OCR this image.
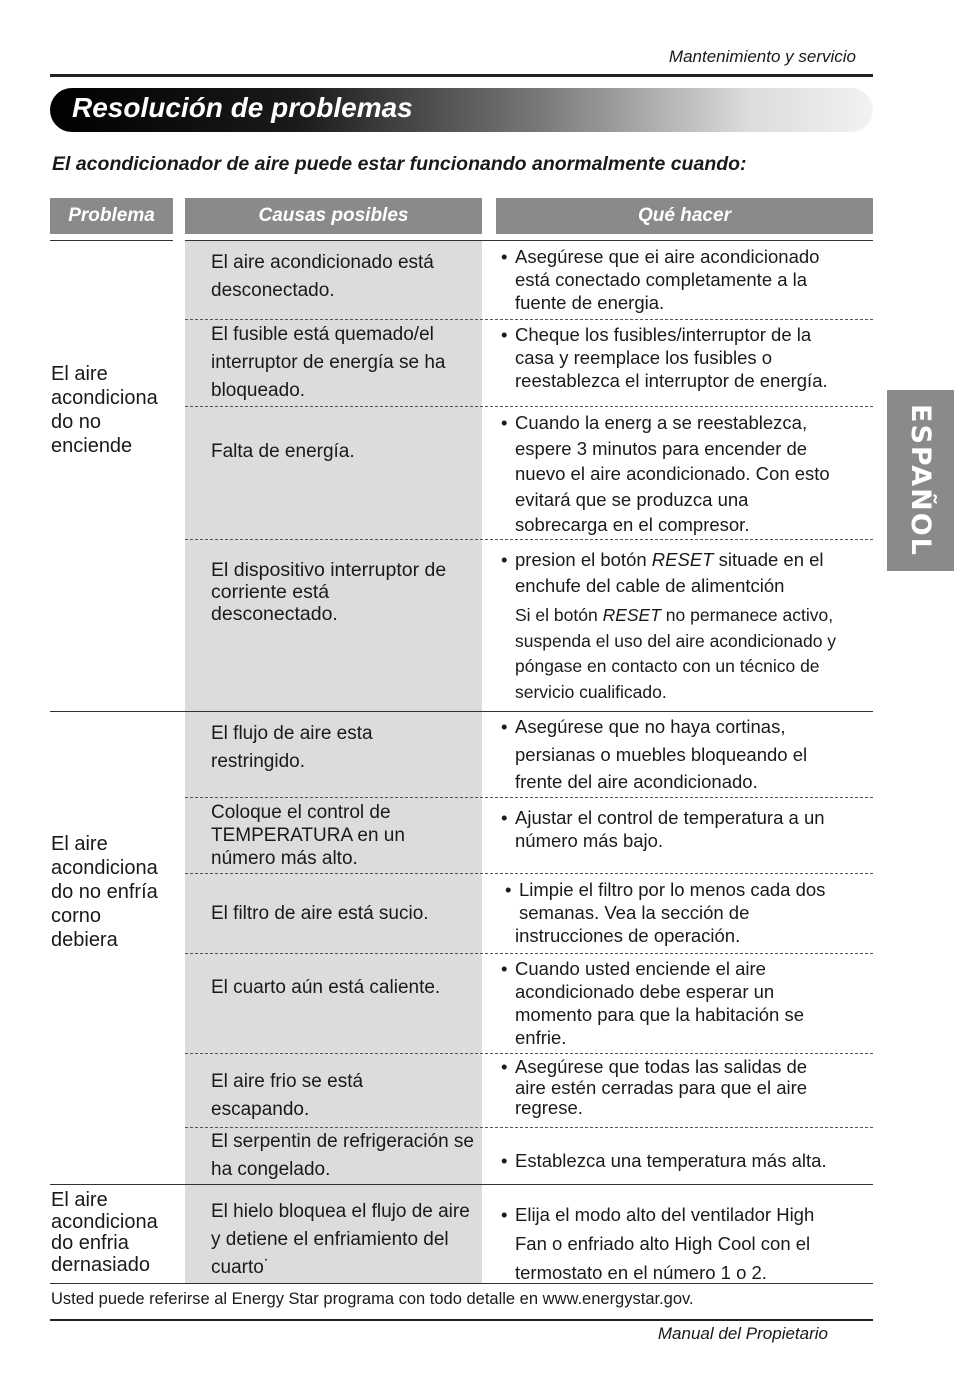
Mantenimiento y servicio
Resolución de problemas
El acondicionador de aire puede estar funcionando anormalmente cuando:
Problema	Causas posibles	Qué hacer
El aire
acondiciona
do no
enciende
El aire
acondiciona
do no enfría
corno
debiera
El aire
acondiciona
do enfria
dernasiado
El aire acondicionado está desconectado.
El fusible está quemado/el interruptor de energía se ha bloqueado.
Falta de energía.
El dispositivo interruptor de corriente está desconectado.
El flujo de aire esta restringido.
Coloque el control de TEMPERATURA en un número más alto.
El filtro de aire está sucio.
El cuarto aún está caliente.
El aire frio se está escapando.
El serpentin de refrigeración se ha congelado.
El hielo bloquea el flujo de aire y detiene el enfriamiento del cuarto˙
• Asegúrese que ei aire acondicionado
está conectado completamente a la
fuente de energia.
• Cheque los fusibles/interruptor de la
casa y reemplace los fusibles o
reestablezca el interruptor de energía.
• Cuando la energ a se reestablezca,
espere 3 minutos para encender de
nuevo el aire acondicionado. Con esto
evitará que se produzca una
sobrecarga en el compresor.
• presion el botón RESET situade en el
enchufe del cable de alimentción
Si el botón RESET no permanece activo,
suspenda el uso del aire acondicionado y
póngase en contacto con un técnico de
servicio cualificado.
• Asegúrese que no haya cortinas,
persianas o muebles bloqueando el
frente del aire acondicionado.
• Ajustar el control de temperatura a un
número más bajo.
• Limpie el filtro por lo menos cada dos
semanas. Vea la sección de
instrucciones de operación.
• Cuando usted enciende el aire
acondicionado debe esperar un
momento para que la habitación se
enfrie.
• Asegúrese que todas las salidas de
aire estén cerradas para que el aire
regrese.
• Establezca una temperatura más alta.
• Elija el modo alto del ventilador High
Fan o enfriado alto High Cool con el
termostato en el número 1 o 2.
ESPAÑOL
Usted puede referirse al Energy Star programa con todo detalle en www.energystar.gov.
Manual del Propietario
